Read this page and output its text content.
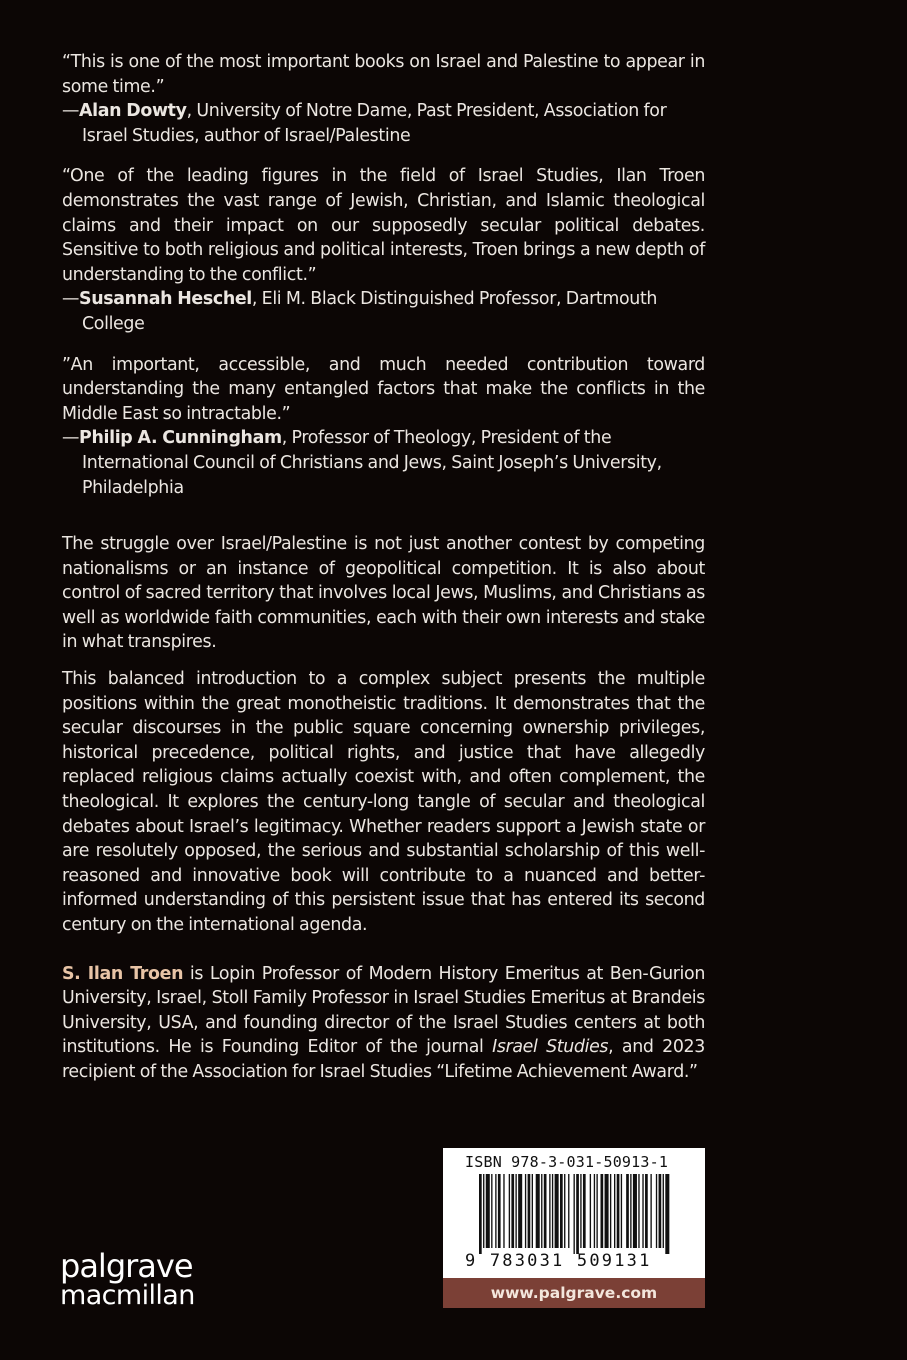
“This is one of the most important books on Israel and Palestine to appear in some time.”

—Alan Dowty, University of Notre Dame, Past President, Association for Israel Studies, author of Israel/Palestine

“One of the leading figures in the field of Israel Studies, Ilan Troen demonstrates the vast range of Jewish, Christian, and Islamic theological claims and their impact on our supposedly secular political debates. Sensitive to both religious and political interests, Troen brings a new depth of understanding to the conflict.”

—Susannah Heschel, Eli M. Black Distinguished Professor, Dartmouth College

”An important, accessible, and much needed contribution toward understanding the many entangled factors that make the conflicts in the Middle East so intractable.”

—Philip A. Cunningham, Professor of Theology, President of the International Council of Christians and Jews, Saint Joseph’s University, Philadelphia

The struggle over Israel/Palestine is not just another contest by competing nationalisms or an instance of geopolitical competition. It is also about control of sacred territory that involves local Jews, Muslims, and Christians as well as worldwide faith communities, each with their own interests and stake in what transpires.

This balanced introduction to a complex subject presents the multiple positions within the great monotheistic traditions. It demonstrates that the secular discourses in the public square concerning ownership privileges, historical precedence, political rights, and justice that have allegedly replaced religious claims actually coexist with, and often complement, the theological. It explores the century-long tangle of secular and theological debates about Israel’s legitimacy. Whether readers support a Jewish state or are resolutely opposed, the serious and substantial scholarship of this well-reasoned and innovative book will contribute to a nuanced and better-informed understanding of this persistent issue that has entered its second century on the international agenda.

S. Ilan Troen is Lopin Professor of Modern History Emeritus at Ben-Gurion University, Israel, Stoll Family Professor in Israel Studies Emeritus at Brandeis University, USA, and founding director of the Israel Studies centers at both institutions. He is Founding Editor of the journal Israel Studies, and 2023 recipient of the Association for Israel Studies “Lifetime Achievement Award.”

palgrave
macmillan
ISBN 978-3-031-50913-1
9 783031 509131
www.palgrave.com
